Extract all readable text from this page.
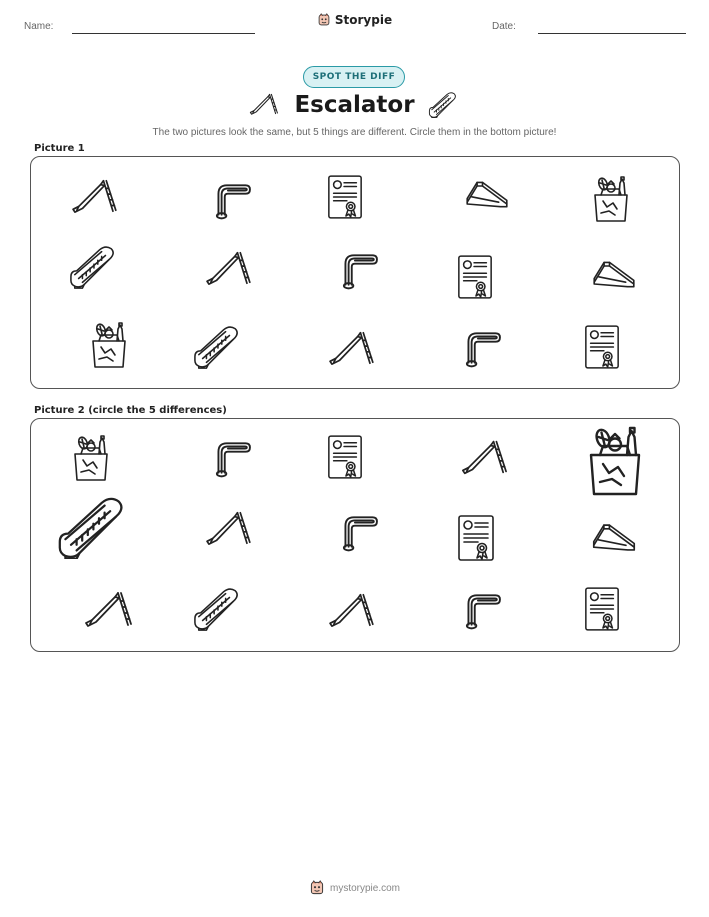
Name:	Storypie	Date:
SPOT THE DIFF
Escalator
The two pictures look the same, but 5 things are different. Circle them in the bottom picture!
Picture 1
Picture 2 (circle the 5 differences)
mystorypie.com
